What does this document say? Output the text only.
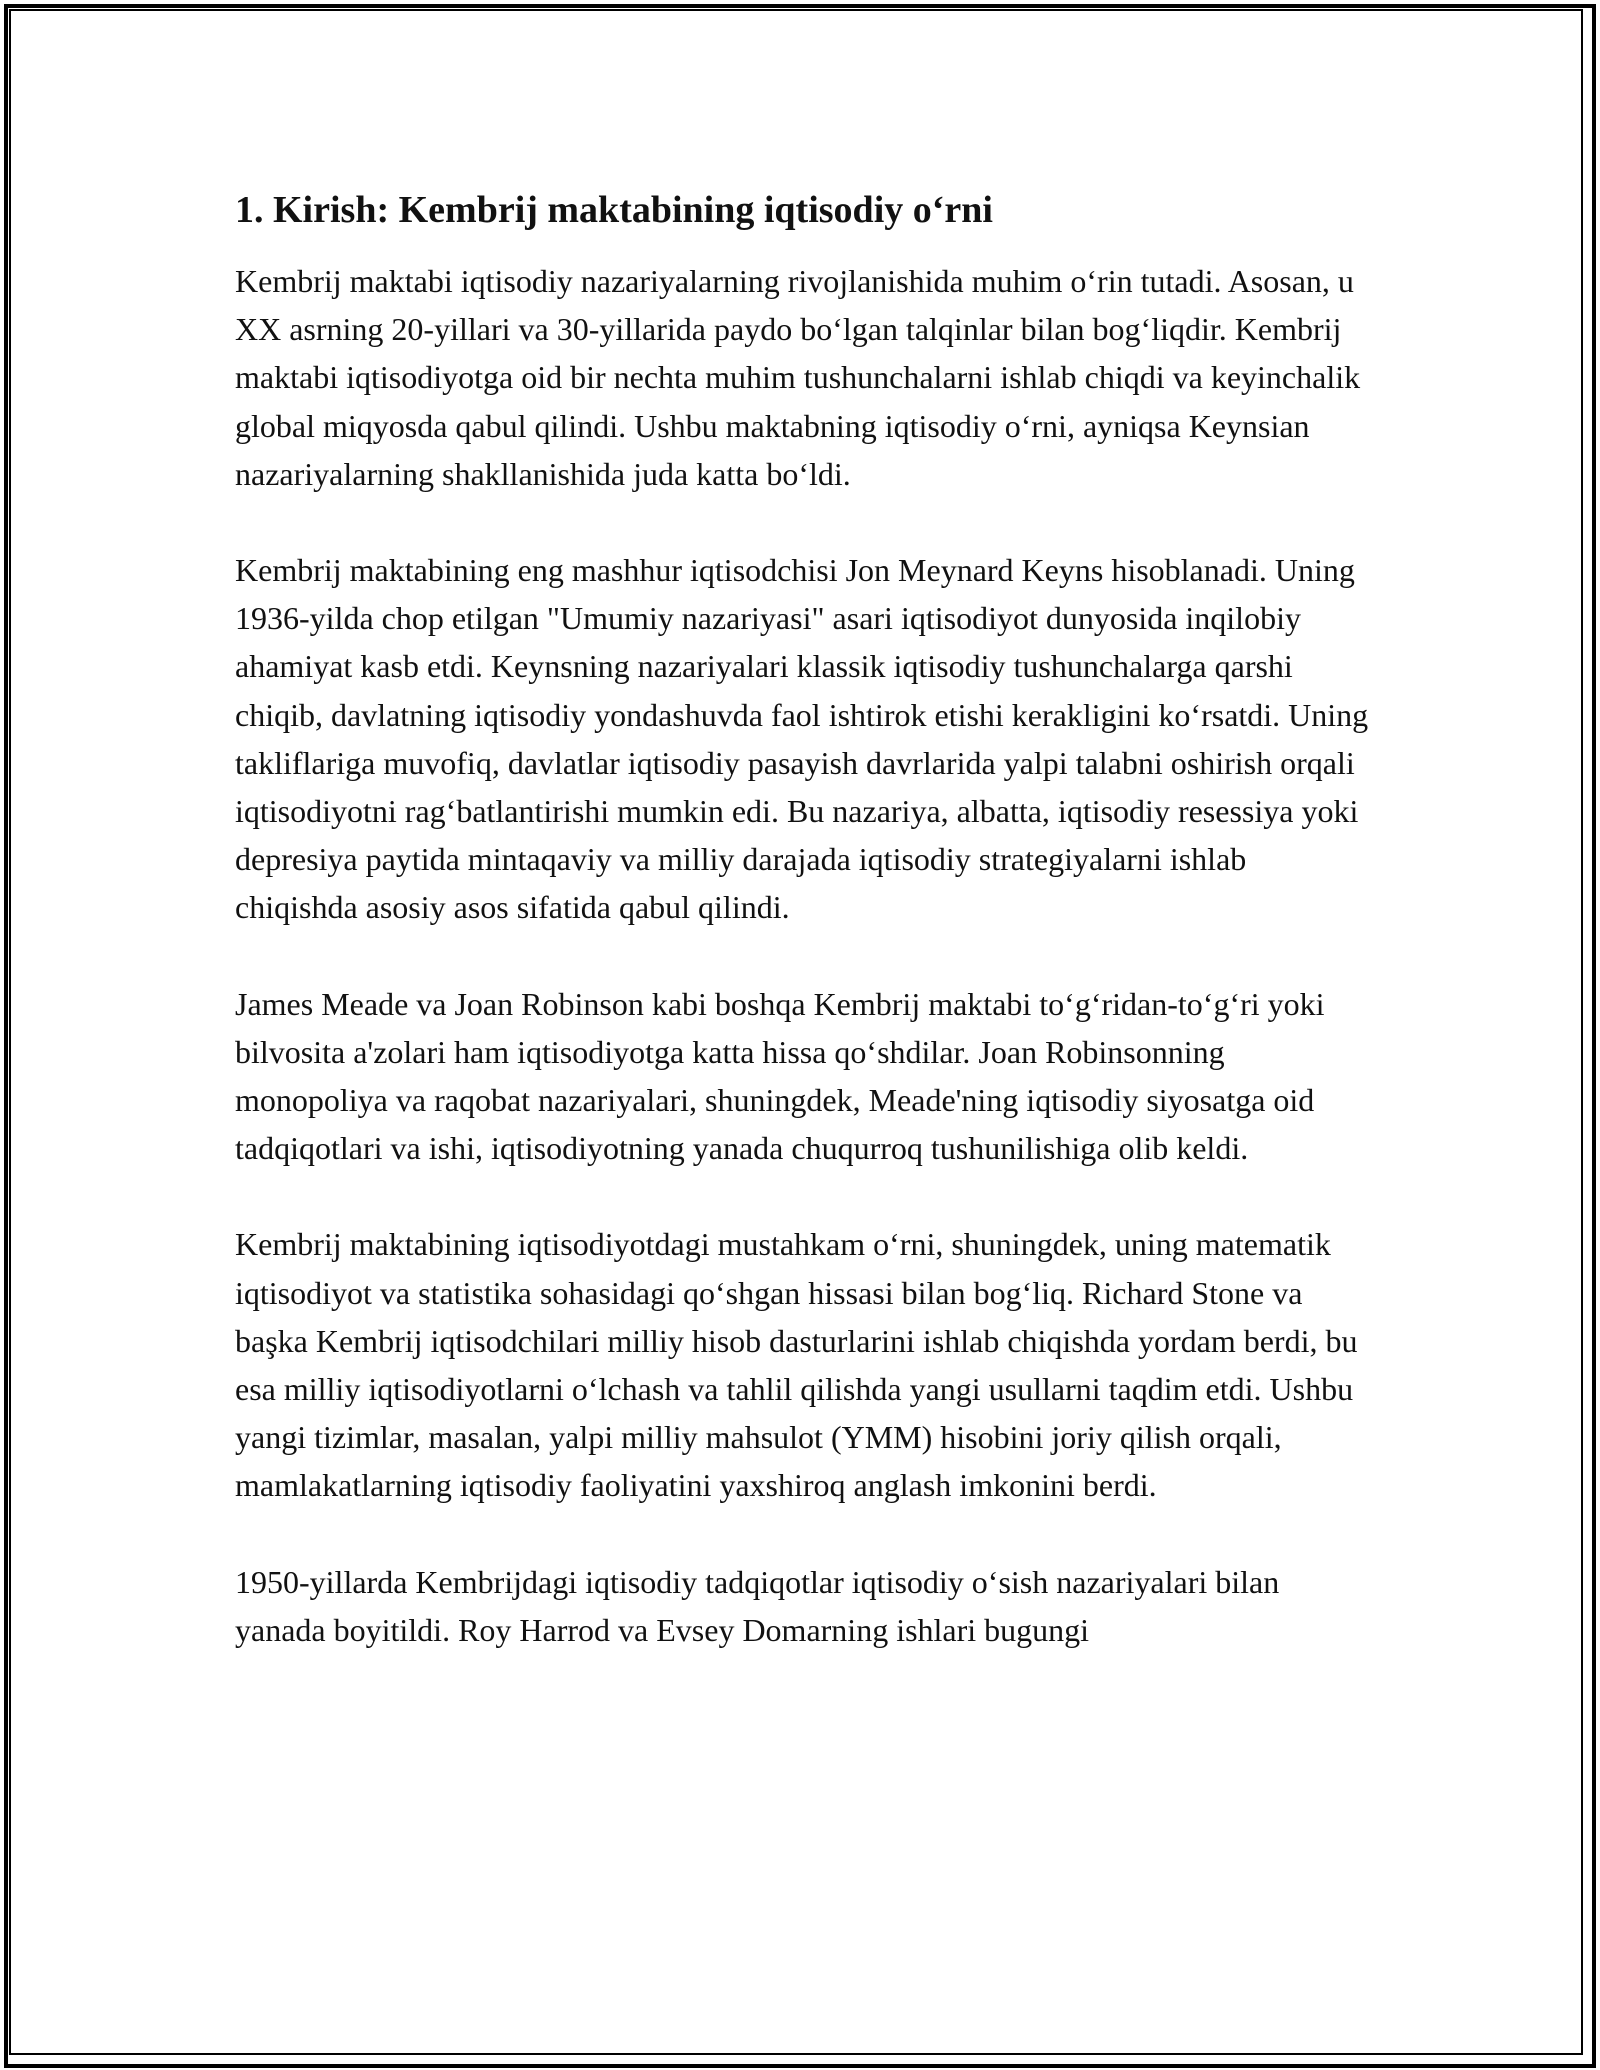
1. Kirish: Kembrij maktabining iqtisodiy o‘rni

Kembrij maktabi iqtisodiy nazariyalarning rivojlanishida muhim o‘rin tutadi. Asosan, u XX asrning 20-yillari va 30-yillarida paydo bo‘lgan talqinlar bilan bog‘liqdir. Kembrij maktabi iqtisodiyotga oid bir nechta muhim tushunchalarni ishlab chiqdi va keyinchalik global miqyosda qabul qilindi. Ushbu maktabning iqtisodiy o‘rni, ayniqsa Keynsian nazariyalarning shakllanishida juda katta bo‘ldi.

Kembrij maktabining eng mashhur iqtisodchisi Jon Meynard Keyns hisoblanadi. Uning 1936-yilda chop etilgan "Umumiy nazariyasi" asari iqtisodiyot dunyosida inqilobiy ahamiyat kasb etdi. Keynsning nazariyalari klassik iqtisodiy tushunchalarga qarshi chiqib, davlatning iqtisodiy yondashuvda faol ishtirok etishi kerakligini ko‘rsatdi. Uning takliflariga muvofiq, davlatlar iqtisodiy pasayish davrlarida yalpi talabni oshirish orqali iqtisodiyotni rag‘batlantirishi mumkin edi. Bu nazariya, albatta, iqtisodiy resessiya yoki depresiya paytida mintaqaviy va milliy darajada iqtisodiy strategiyalarni ishlab chiqishda asosiy asos sifatida qabul qilindi.

James Meade va Joan Robinson kabi boshqa Kembrij maktabi to‘g‘ridan-to‘g‘ri yoki bilvosita a'zolari ham iqtisodiyotga katta hissa qo‘shdilar. Joan Robinsonning monopoliya va raqobat nazariyalari, shuningdek, Meade'ning iqtisodiy siyosatga oid tadqiqotlari va ishi, iqtisodiyotning yanada chuqurroq tushunilishiga olib keldi.

Kembrij maktabining iqtisodiyotdagi mustahkam o‘rni, shuningdek, uning matematik iqtisodiyot va statistika sohasidagi qo‘shgan hissasi bilan bog‘liq. Richard Stone va başka Kembrij iqtisodchilari milliy hisob dasturlarini ishlab chiqishda yordam berdi, bu esa milliy iqtisodiyotlarni o‘lchash va tahlil qilishda yangi usullarni taqdim etdi. Ushbu yangi tizimlar, masalan, yalpi milliy mahsulot (YMM) hisobini joriy qilish orqali, mamlakatlarning iqtisodiy faoliyatini yaxshiroq anglash imkonini berdi.

1950-yillarda Kembrijdagi iqtisodiy tadqiqotlar iqtisodiy o‘sish nazariyalari bilan yanada boyitildi. Roy Harrod va Evsey Domarning ishlari bugungi
